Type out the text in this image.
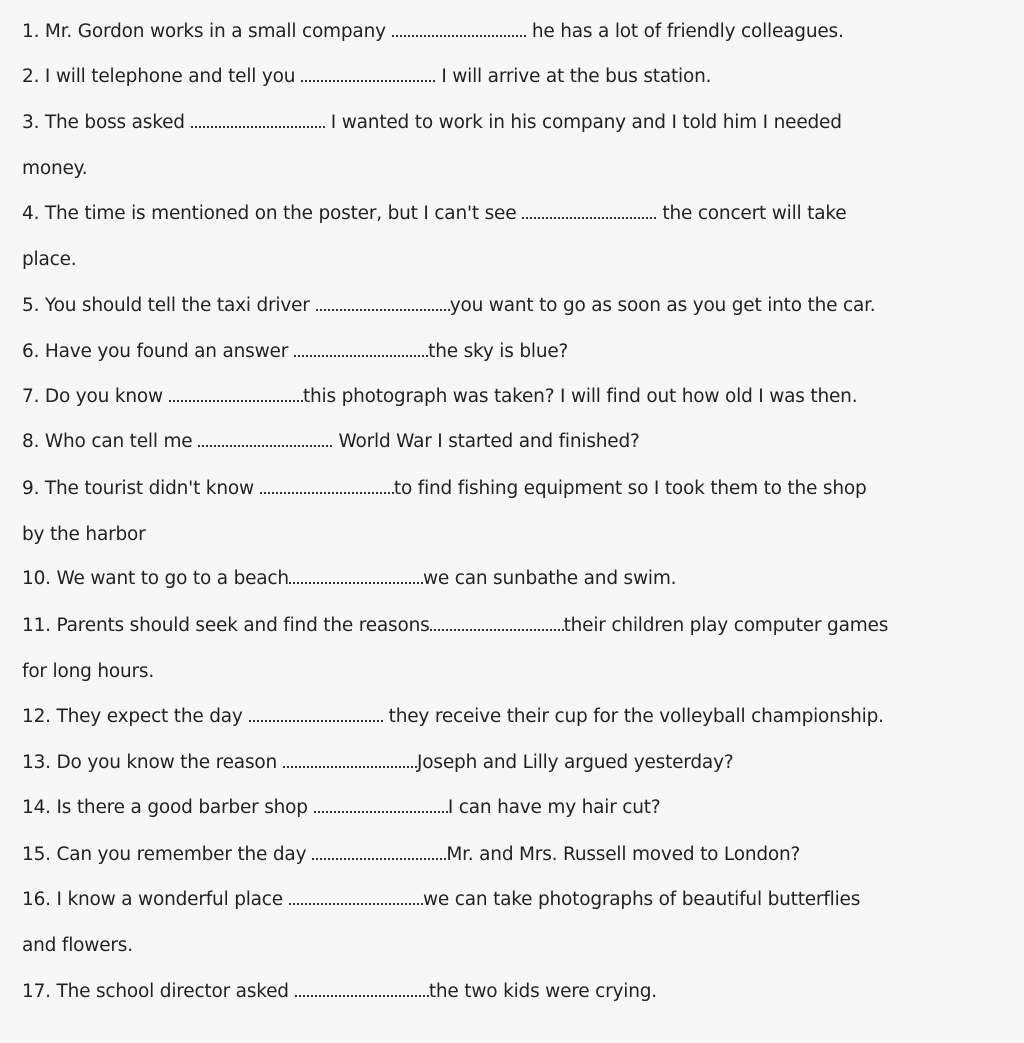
1. Mr. Gordon works in a small company	he has a lot of friendly colleagues.
2. I will telephone and tell you	I will arrive at the bus station.
3. The boss asked	I wanted to work in his company and I told him I needed
money.
4. The time is mentioned on the poster, but I can't see	the concert will take
place.
5. You should tell the taxi driver	you want to go as soon as you get into the car.
6. Have you found an answer	the sky is blue?
7. Do you know	this photograph was taken? I will find out how old I was then.
8. Who can tell me	World War I started and finished?
9. The tourist didn't know	to find fishing equipment so I took them to the shop
by the harbor
10. We want to go to a beach	we can sunbathe and swim.
11. Parents should seek and find the reasons	their children play computer games
for long hours.
12. They expect the day	they receive their cup for the volleyball championship.
13. Do you know the reason	Joseph and Lilly argued yesterday?
14. Is there a good barber shop	I can have my hair cut?
15. Can you remember the day	Mr. and Mrs. Russell moved to London?
16. I know a wonderful place	we can take photographs of beautiful butterflies
and flowers.
17. The school director asked	the two kids were crying.
